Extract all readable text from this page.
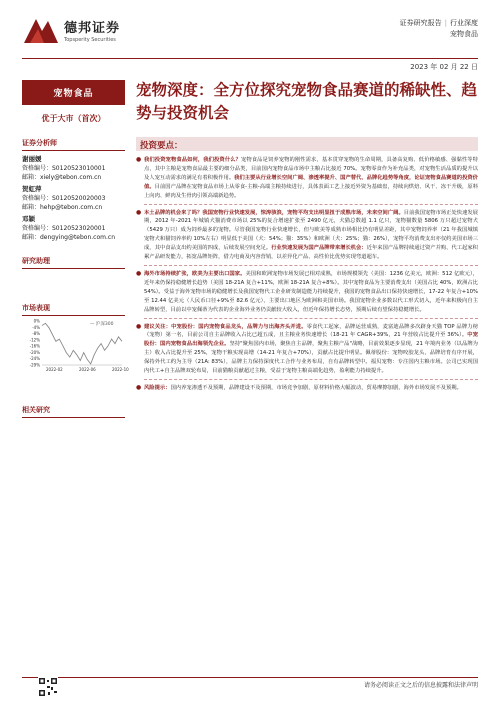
德邦证券
Topsperity Securities
证券研究报告 | 行业深度
宠物食品
2023 年 02 月 22 日
宠物食品
优于大市（首次）
证券分析师
谢丽媛
资格编号：S0120523010001
邮箱：xiely@tebon.com.cn
贺虹萍
资格编号：S0120520020003
邮箱：hehp@tebon.com.cn
邓颖
资格编号：S0120523020001
邮箱：dengying@tebon.com.cn
研究助理
市场表现
0%
-4%
-8%
-12%
-16%
-20%
-24%
-29%
— 沪深300
2022-02	2022-06	2022-10
相关研究
宠物深度：全方位探究宠物食品赛道的稀缺性、趋势与投资机会
投资要点：
● 我们投资宠物食品如何，我们投资什么？宠物食品是饲养宠物的刚性需求，基本贯穿宠物的生命周期，具备高复购、低价格敏感、强黏性等特点，其中主粮是宠物食品最主要的细分品类，目前国内宠物食品市场中主粮占比接近 70%。宠物零食作为补充品类，对宠物生活品质的提升以及人宠互动需求的满足有着积极作用。我们主要从行业增长空间广阔、渗透率提升、国产替代、品牌化趋势等角度，论证宠物食品赛道的投资价值。目前国产品牌在宠物食品市场上从零食-主粮-高端主粮持续进行，具体表面工艺上接近外资为基础盘，持续向烘焙、风干、冻干升级，原料上向肉、鲜肉及生骨肉引领高端新趋势。
● 本土品牌的机会来了吗？我国宠物行业快速发展，惊涛骇浪，宠物平均支出明显扭于成熟市场，未来空间广阔。目前我国宠物市场正处快速发展期，2012 年-2021 年城镇犬猫消费市场以 25%的复合增速扩张至 2490 亿元，犬猫总数超 1.1 亿只，宠物猫数量 5806 万只超过宠物犬（5429 万只）成为饲养最多的宠物。尽管我国宠物行业快速增长，但与欧美等成熟市场相比仍有明显差距，其中宠物饲养率（21 年我国城镇宠物犬和猫饲养率约 10%左右）明显低于美国（犬：54%；猫：35%）和欧洲（犬：25%；猫：26%），宠物平均消费支出亦仅约美国市场三成，其中食品支出约美国的四成，后续发展空间充足。行业快速发展为国产品牌带来增长机会：近年来国产品牌持续通过资产并购、代工起家积累产品研发能力，拓宽品牌矩阵，借力电商及内容营销，以差异化产品、高性价比优势实现弯道超车。
● 海外市场持续扩张，欧美为主要出口国家。美国和欧洲宠物市场发展已相对成熟，市场规模领先（美国：1236 亿美元，欧洲：512 亿欧元），近年来仍保持稳健增长趋势（美国 18-21A 复合+11%，欧洲 18-21A 复合+8%）。其中宠物食品为主要消费支出（美国占比 40%，欧洲占比 54%）。受益于海外宠物市场的稳健增长及我国宠物代工企业研发制造能力持续提升，我国的宠物食品出口保持快速增长，17-22 年复合+10%至 12.44 亿美元（人民币口径+9%至 82.6 亿元），主要出口地区为欧洲和美国市场。我国宠物企业多数以代工形式切入，近年来积极向自主品牌转型，目前以中宠佩蒂为代表的企业海外业务仍贡献较大收入，但近年保持增长态势，预期后续有望保持稳健增长。
● 建议关注：中宠股份：国内宠物食品龙头，品牌力与出海齐头并进。零食代工起家，品牌运营成熟，麦富迪品牌多次跻身天猫 TOP 品牌力榜（宠物）第一名，目前公司自主品牌收入占比已超五成，且主粮业务快速增长（18-21 年 CAGR+39%，21 年营收占比提升至 36%）。中宠股份：国内宠物食品出海领先企业。坚持"聚焦国内市场，聚焦自主品牌，聚焦主粮产品"战略，目前效果逐步显现，21 年境内业务（以品牌为主）收入占比提升至 25%，宠物干粮实现高增（14-21 年复合+70%），贡献占比提升明显。佩蒂股份：宠物咬胶龙头，品牌培育有序开展，保持外代工约为主导（21A: 83%），品牌主力保持深度代工合作与业务布局，自有品牌转型中。福贝宠物：专注国内主粮市场。公司已实现国内代工+自主品牌双轮布局，目前猫粮贡献超过主粮，受益于宠物主粮高端化趋势，盈利能力持续提升。
● 风险提示：国内养宠渗透不及预期，品牌建设不及预期，市场竞争加剧，原材料价格大幅波动，贸易摩擦加剧，海外市场发展不及预期。
请务必阅读正文之后的信息披露和法律声明
